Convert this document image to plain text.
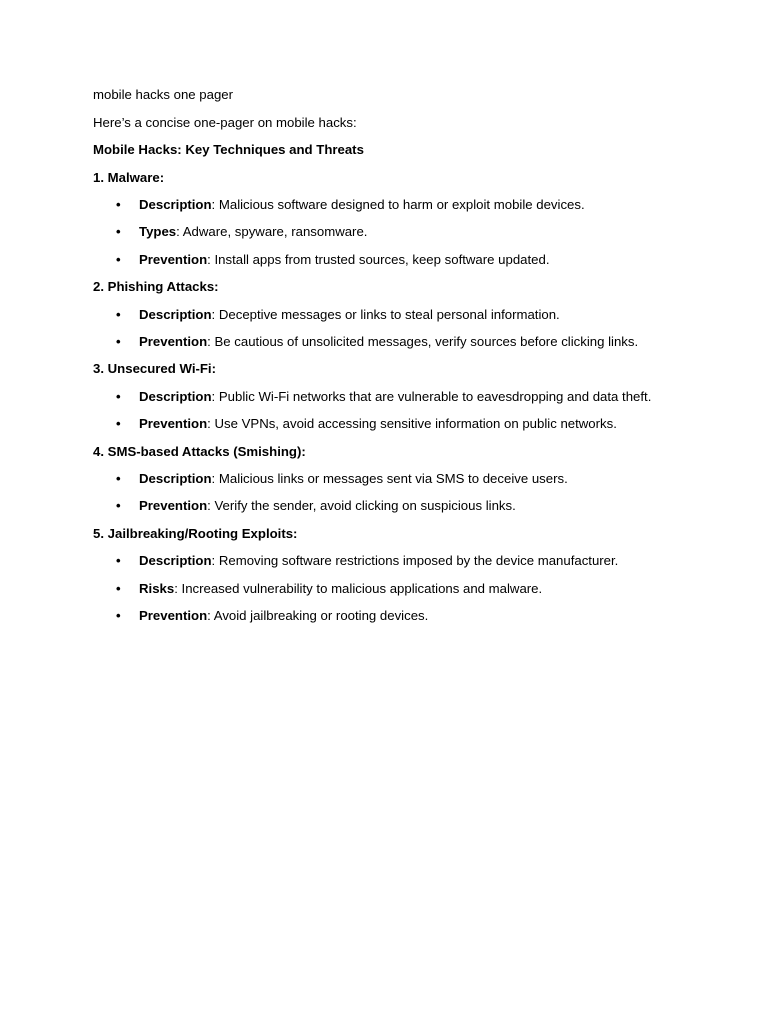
mobile hacks one pager

Here’s a concise one-pager on mobile hacks:

Mobile Hacks: Key Techniques and Threats

1. Malware:

• Description: Malicious software designed to harm or exploit mobile devices.
• Types: Adware, spyware, ransomware.
• Prevention: Install apps from trusted sources, keep software updated.

2. Phishing Attacks:

• Description: Deceptive messages or links to steal personal information.
• Prevention: Be cautious of unsolicited messages, verify sources before clicking links.

3. Unsecured Wi-Fi:

• Description: Public Wi-Fi networks that are vulnerable to eavesdropping and data theft.
• Prevention: Use VPNs, avoid accessing sensitive information on public networks.

4. SMS-based Attacks (Smishing):

• Description: Malicious links or messages sent via SMS to deceive users.
• Prevention: Verify the sender, avoid clicking on suspicious links.

5. Jailbreaking/Rooting Exploits:

• Description: Removing software restrictions imposed by the device manufacturer.
• Risks: Increased vulnerability to malicious applications and malware.
• Prevention: Avoid jailbreaking or rooting devices.
